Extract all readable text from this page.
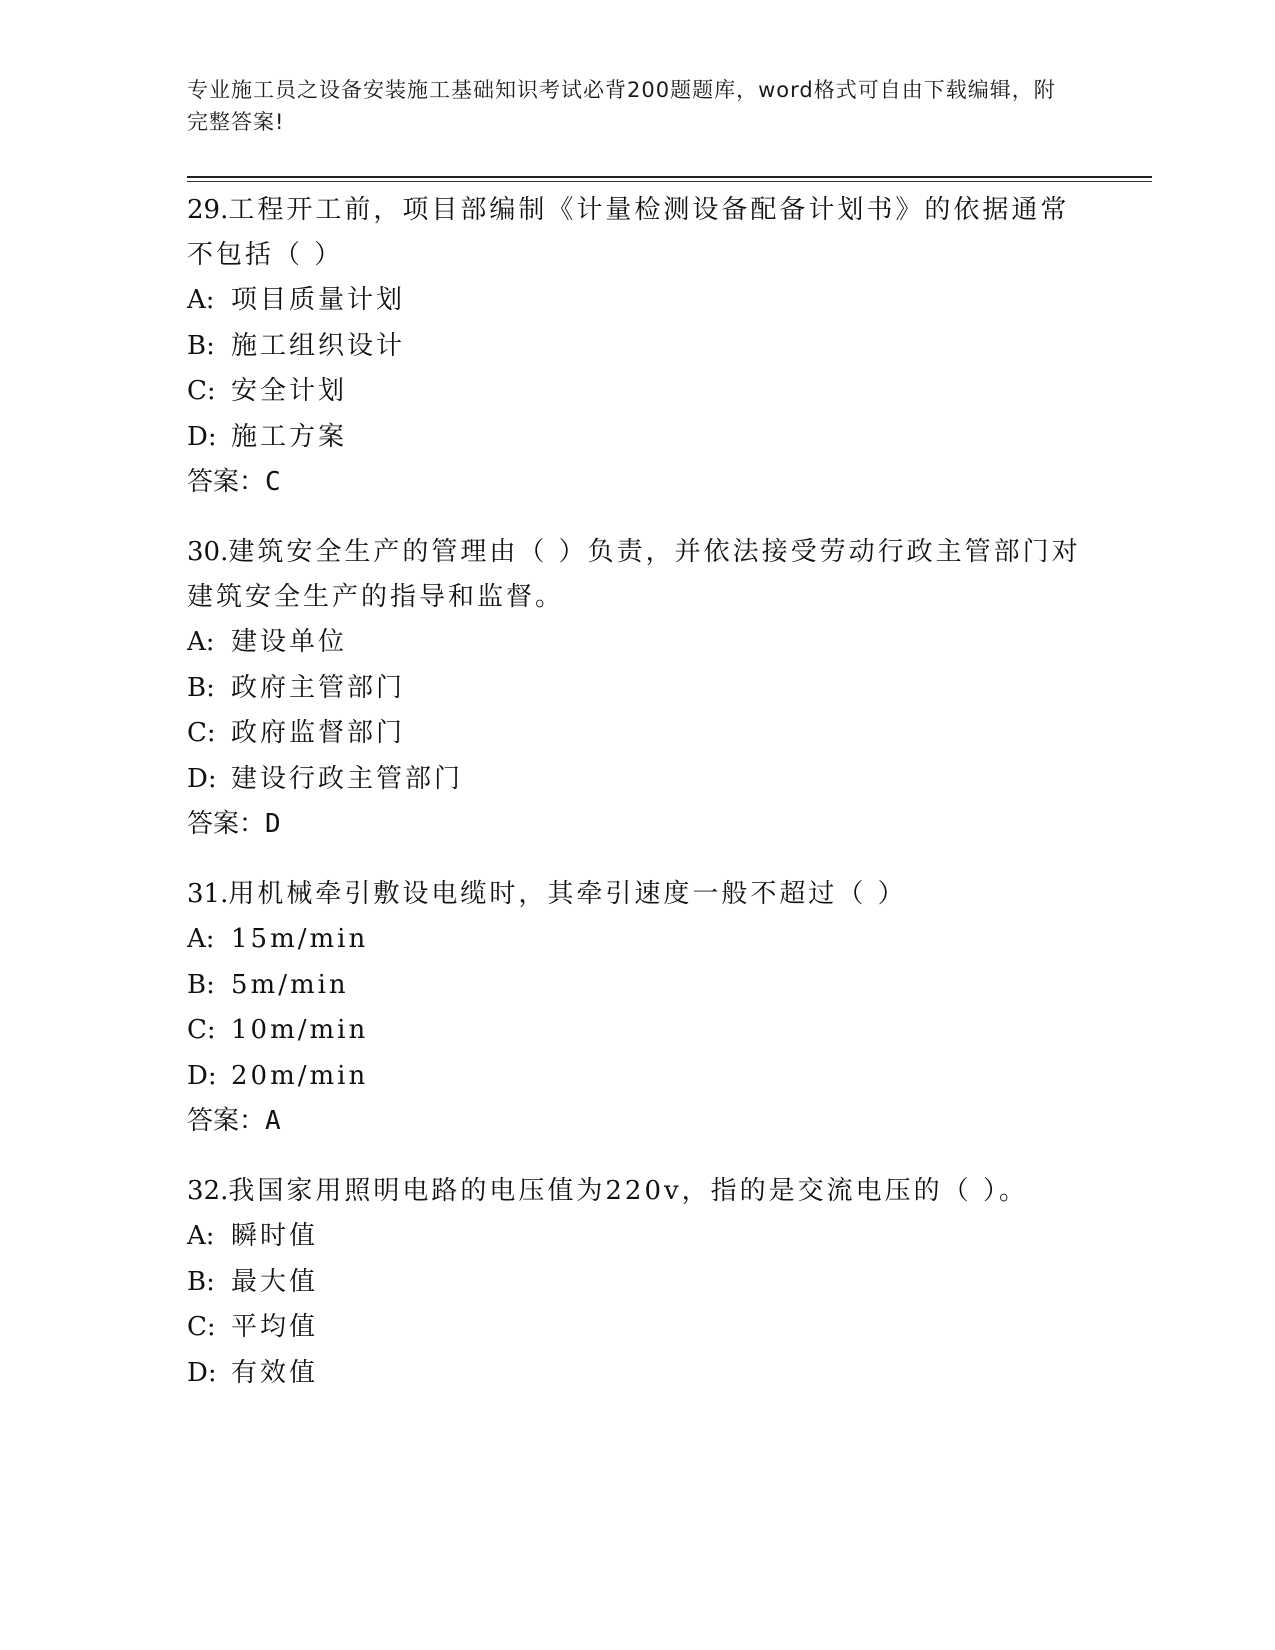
专业施工员之设备安装施工基础知识考试必背200题题库，word格式可自由下载编辑，附完整答案!
29.工程开工前，项目部编制《计量检测设备配备计划书》的依据通常不包括（ ）
A: 项目质量计划
B: 施工组织设计
C: 安全计划
D: 施工方案
答案：C
30.建筑安全生产的管理由（ ）负责，并依法接受劳动行政主管部门对建筑安全生产的指导和监督。
A: 建设单位
B: 政府主管部门
C: 政府监督部门
D: 建设行政主管部门
答案：D
31.用机械牵引敷设电缆时，其牵引速度一般不超过（ ）
A: 15m/min
B: 5m/min
C: 10m/min
D: 20m/min
答案：A
32.我国家用照明电路的电压值为220v，指的是交流电压的（ ）。
A: 瞬时值
B: 最大值
C: 平均值
D: 有效值
